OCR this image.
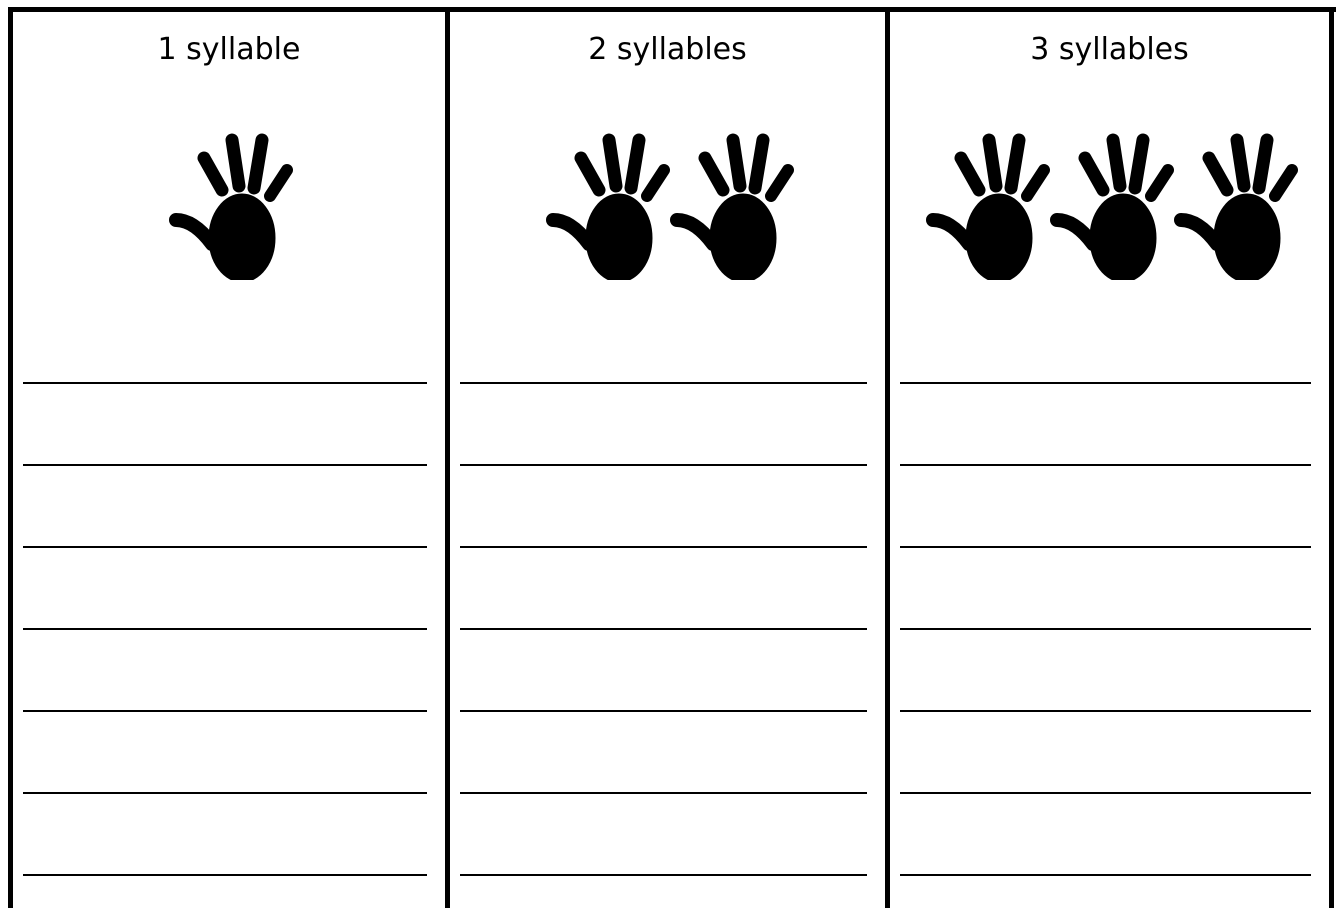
1 syllable	2 syllables	3 syllables
